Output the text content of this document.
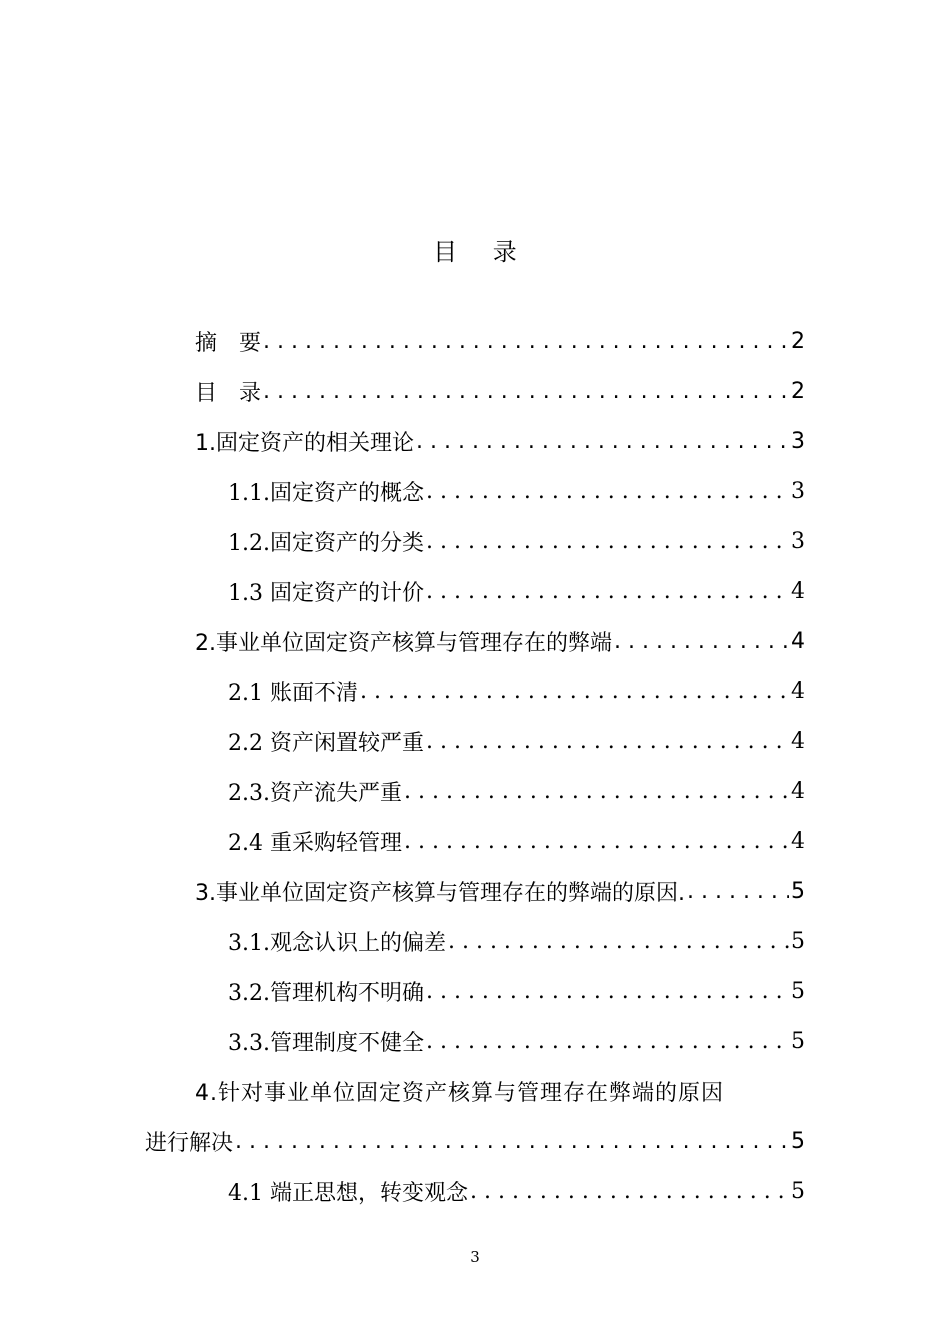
目 录
摘　要 . . .	2
目　录 . . .	2
1.固定资产的相关理论 . . .	3
1.1.固定资产的概念 . . .	3
1.2.固定资产的分类 . . .	3
1.3 固定资产的计价 . . .	4
2.事业单位固定资产核算与管理存在的弊端 . . .	4
2.1 账面不清 . . .	4
2.2 资产闲置较严重 . . .	4
2.3.资产流失严重 . . .	4
2.4 重采购轻管理 . . .	4
3.事业单位固定资产核算与管理存在的弊端的原因. . . .	5
3.1.观念认识上的偏差 . . .	5
3.2.管理机构不明确 . . .	5
3.3.管理制度不健全 . . .	5
4.针对事业单位固定资产核算与管理存在弊端的原因
进行解决 . . .	5
4.1 端正思想，转变观念 . . .	5
3
